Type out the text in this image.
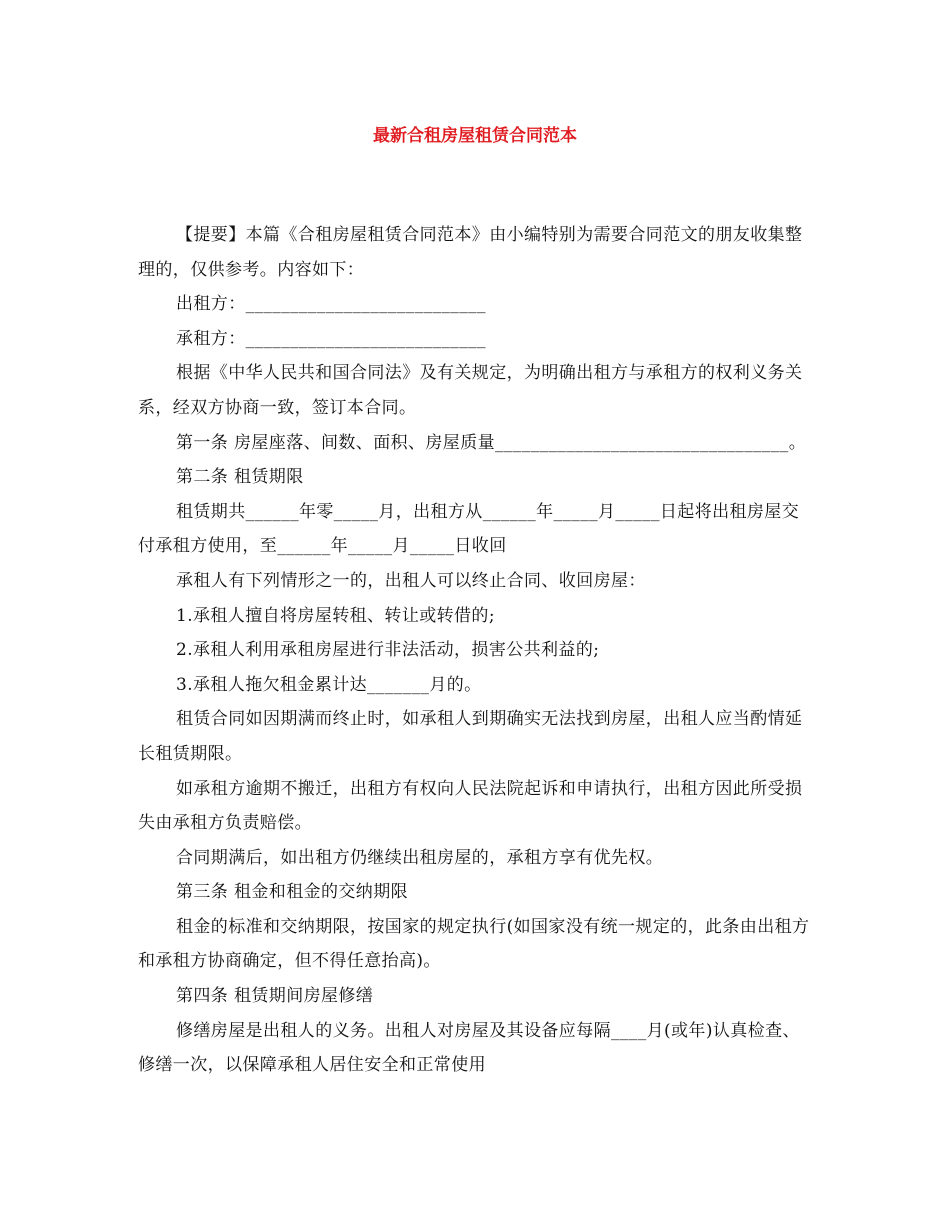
最新合租房屋租赁合同范本

【提要】本篇《合租房屋租赁合同范本》由小编特别为需要合同范文的朋友收集整理的，仅供参考。内容如下：

出租方：___________________________

承租方：___________________________

根据《中华人民共和国合同法》及有关规定，为明确出租方与承租方的权利义务关系，经双方协商一致，签订本合同。

第一条 房屋座落、间数、面积、房屋质量_________________________________。

第二条 租赁期限

租赁期共______年零_____月，出租方从______年_____月_____日起将出租房屋交付承租方使用，至______年_____月_____日收回

承租人有下列情形之一的，出租人可以终止合同、收回房屋：

1.承租人擅自将房屋转租、转让或转借的;

2.承租人利用承租房屋进行非法活动，损害公共利益的;

3.承租人拖欠租金累计达_______月的。

租赁合同如因期满而终止时，如承租人到期确实无法找到房屋，出租人应当酌情延长租赁期限。

如承租方逾期不搬迁，出租方有权向人民法院起诉和申请执行，出租方因此所受损失由承租方负责赔偿。

合同期满后，如出租方仍继续出租房屋的，承租方享有优先权。

第三条 租金和租金的交纳期限

租金的标准和交纳期限，按国家的规定执行(如国家没有统一规定的，此条由出租方和承租方协商确定，但不得任意抬高)。

第四条 租赁期间房屋修缮

修缮房屋是出租人的义务。出租人对房屋及其设备应每隔____月(或年)认真检查、修缮一次，以保障承租人居住安全和正常使用
